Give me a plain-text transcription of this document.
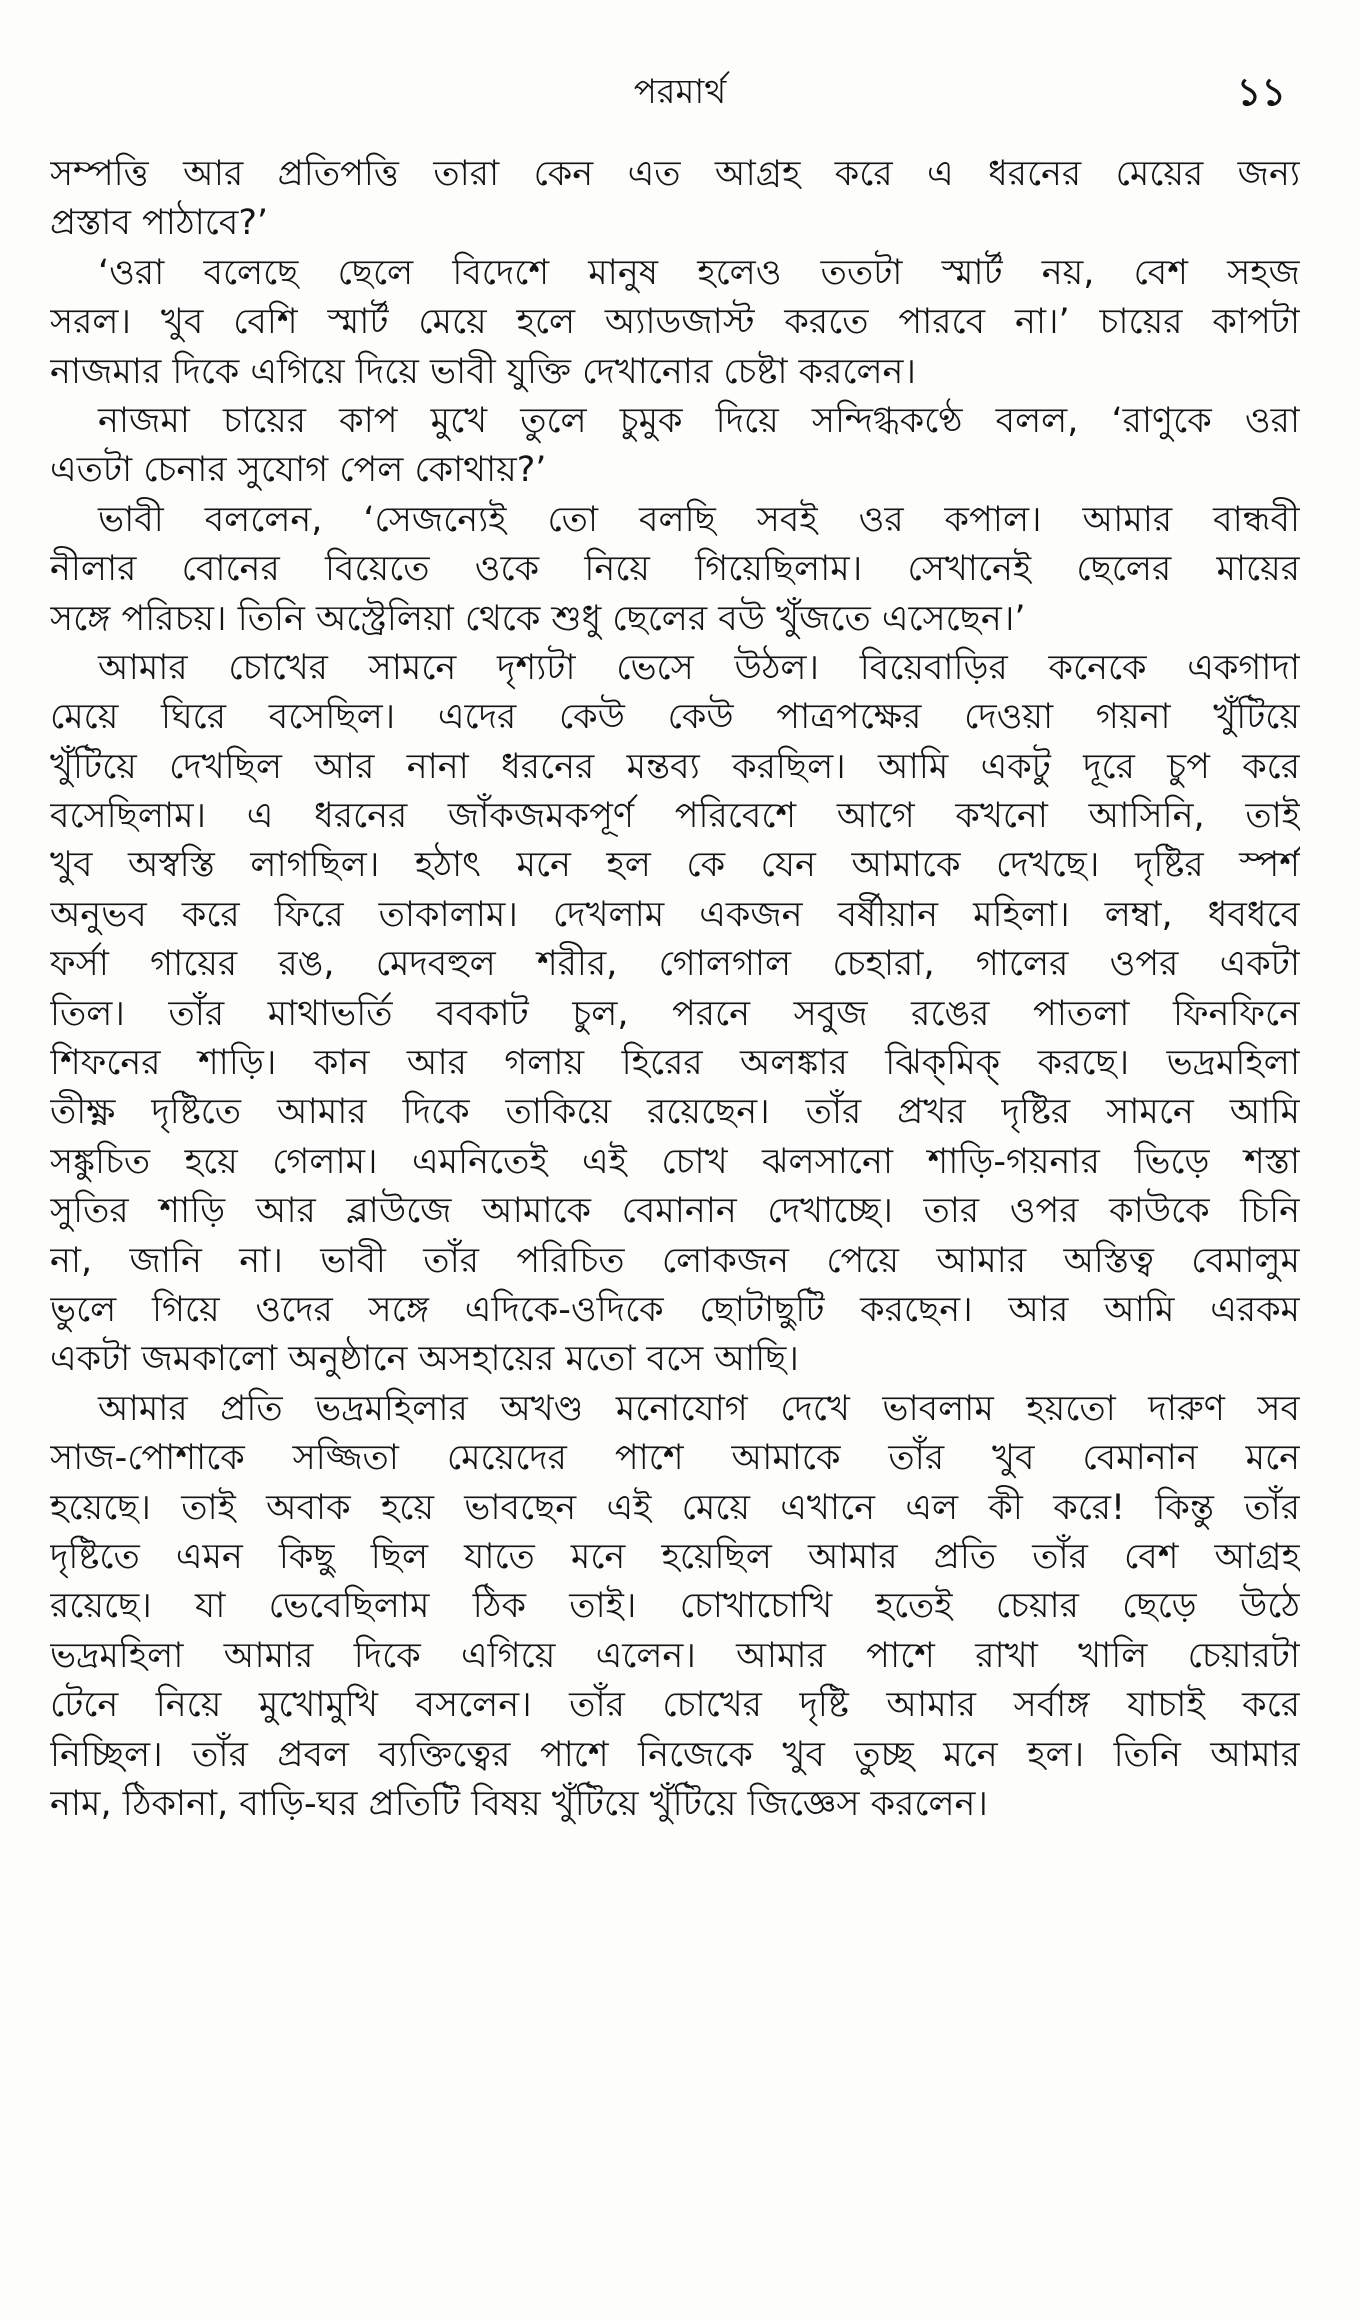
পরমার্থ	১১
সম্পত্তি আর প্রতিপত্তি তারা কেন এত আগ্রহ করে এ ধরনের মেয়ের জন্য
প্রস্তাব পাঠাবে?’
‘ওরা বলেছে ছেলে বিদেশে মানুষ হলেও ততটা স্মার্ট নয়, বেশ সহজ
সরল। খুব বেশি স্মার্ট মেয়ে হলে অ্যাডজাস্ট করতে পারবে না।’ চায়ের কাপটা
নাজমার দিকে এগিয়ে দিয়ে ভাবী যুক্তি দেখানোর চেষ্টা করলেন।
নাজমা চায়ের কাপ মুখে তুলে চুমুক দিয়ে সন্দিগ্ধকণ্ঠে বলল, ‘রাণুকে ওরা
এতটা চেনার সুযোগ পেল কোথায়?’
ভাবী বললেন, ‘সেজন্যেই তো বলছি সবই ওর কপাল। আমার বান্ধবী
নীলার বোনের বিয়েতে ওকে নিয়ে গিয়েছিলাম। সেখানেই ছেলের মায়ের
সঙ্গে পরিচয়। তিনি অস্ট্রেলিয়া থেকে শুধু ছেলের বউ খুঁজতে এসেছেন।’
আমার চোখের সামনে দৃশ্যটা ভেসে উঠল। বিয়েবাড়ির কনেকে একগাদা
মেয়ে ঘিরে বসেছিল। এদের কেউ কেউ পাত্রপক্ষের দেওয়া গয়না খুঁটিয়ে
খুঁটিয়ে দেখছিল আর নানা ধরনের মন্তব্য করছিল। আমি একটু দূরে চুপ করে
বসেছিলাম। এ ধরনের জাঁকজমকপূর্ণ পরিবেশে আগে কখনো আসিনি, তাই
খুব অস্বস্তি লাগছিল। হঠাৎ মনে হল কে যেন আমাকে দেখছে। দৃষ্টির স্পর্শ
অনুভব করে ফিরে তাকালাম। দেখলাম একজন বর্ষীয়ান মহিলা। লম্বা, ধবধবে
ফর্সা গায়ের রঙ, মেদবহুল শরীর, গোলগাল চেহারা, গালের ওপর একটা
তিল। তাঁর মাথাভর্তি ববকাট চুল, পরনে সবুজ রঙের পাতলা ফিনফিনে
শিফনের শাড়ি। কান আর গলায় হিরের অলঙ্কার ঝিক্‌মিক্‌ করছে। ভদ্রমহিলা
তীক্ষ্ণ দৃষ্টিতে আমার দিকে তাকিয়ে রয়েছেন। তাঁর প্রখর দৃষ্টির সামনে আমি
সঙ্কুচিত হয়ে গেলাম। এমনিতেই এই চোখ ঝলসানো শাড়ি-গয়নার ভিড়ে শস্তা
সুতির শাড়ি আর ব্লাউজে আমাকে বেমানান দেখাচ্ছে। তার ওপর কাউকে চিনি
না, জানি না। ভাবী তাঁর পরিচিত লোকজন পেয়ে আমার অস্তিত্ব বেমালুম
ভুলে গিয়ে ওদের সঙ্গে এদিকে-ওদিকে ছোটাছুটি করছেন। আর আমি এরকম
একটা জমকালো অনুষ্ঠানে অসহায়ের মতো বসে আছি।
আমার প্রতি ভদ্রমহিলার অখণ্ড মনোযোগ দেখে ভাবলাম হয়তো দারুণ সব
সাজ-পোশাকে সজ্জিতা মেয়েদের পাশে আমাকে তাঁর খুব বেমানান মনে
হয়েছে। তাই অবাক হয়ে ভাবছেন এই মেয়ে এখানে এল কী করে! কিন্তু তাঁর
দৃষ্টিতে এমন কিছু ছিল যাতে মনে হয়েছিল আমার প্রতি তাঁর বেশ আগ্রহ
রয়েছে। যা ভেবেছিলাম ঠিক তাই। চোখাচোখি হতেই চেয়ার ছেড়ে উঠে
ভদ্রমহিলা আমার দিকে এগিয়ে এলেন। আমার পাশে রাখা খালি চেয়ারটা
টেনে নিয়ে মুখোমুখি বসলেন। তাঁর চোখের দৃষ্টি আমার সর্বাঙ্গ যাচাই করে
নিচ্ছিল। তাঁর প্রবল ব্যক্তিত্বের পাশে নিজেকে খুব তুচ্ছ মনে হল। তিনি আমার
নাম, ঠিকানা, বাড়ি-ঘর প্রতিটি বিষয় খুঁটিয়ে খুঁটিয়ে জিজ্ঞেস করলেন।
